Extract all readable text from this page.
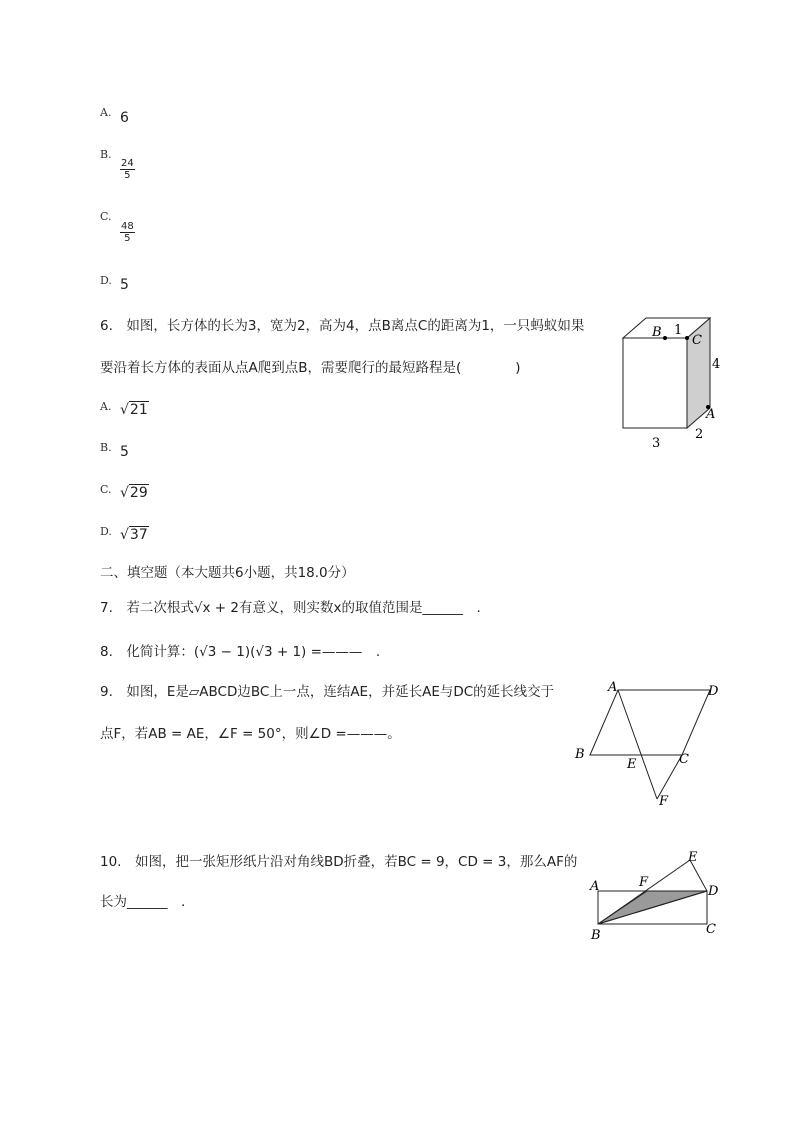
A. 6
B.
$\frac{24}{5}$
C.
$\frac{48}{5}$
D. 5
6.　如图，长方体的长为3，宽为2，高为4，点B离点C的距离为1，一只蚂蚁如果
要沿着长方体的表面从点A爬到点B，需要爬行的最短路程是(　　　　)
A. √21
B. 5
C. √29
D. √37
B 1
C
4
A
2
3
二、填空题（本大题共6小题，共18.0分）
7.　若二次根式√x + 2有意义，则实数x的取值范围是______　.
8.　化简计算：(√3 − 1)(√3 + 1) =———　.
9.　如图，E是▱ABCD边BC上一点，连结AE，并延长AE与DC的延长线交于
点F，若AB = AE，∠F = 50°，则∠D =———。
A	D
B
E	C
F
10.　如图，把一张矩形纸片沿对角线BD折叠，若BC = 9，CD = 3，那么AF的
长为______　.
E
A	F
D
B	C
